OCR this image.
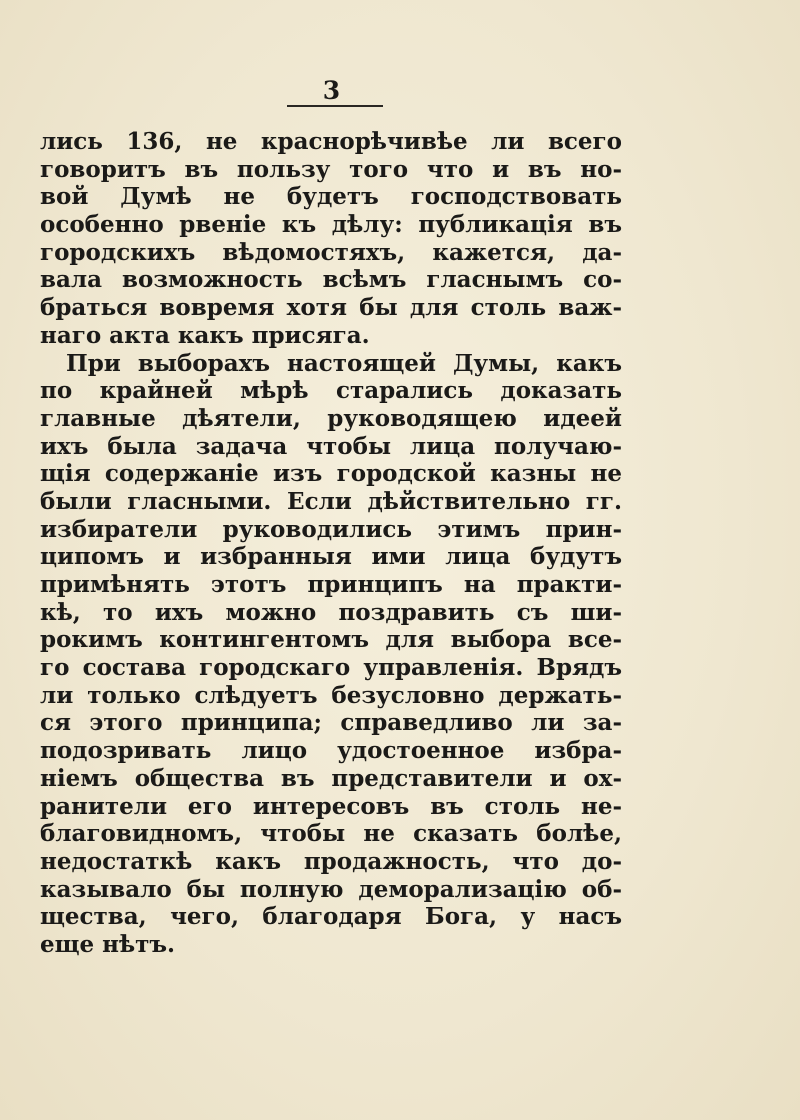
3
лись 136, не краснорѣчивѣе ли всего
говоритъ въ пользу того что и въ но-
вой Думѣ не будетъ господствовать
особенно рвеніе къ дѣлу: публикація въ
городскихъ вѣдомостяхъ, кажется, да-
вала возможность всѣмъ гласнымъ со-
браться вовремя хотя бы для столь важ-
наго акта какъ присяга.
При выборахъ настоящей Думы, какъ
по крайней мѣрѣ старались доказать
главные дѣятели, руководящею идеей
ихъ была задача чтобы лица получаю-
щія содержаніе изъ городской казны не
были гласными. Если дѣйствительно гг.
избиратели руководились этимъ прин-
ципомъ и избранныя ими лица будутъ
примѣнять этотъ принципъ на практи-
кѣ, то ихъ можно поздравить съ ши-
рокимъ контингентомъ для выбора все-
го состава городскаго управленія. Врядъ
ли только слѣдуетъ безусловно держать-
ся этого принципа; справедливо ли за-
подозривать лицо удостоенное избра-
ніемъ общества въ представители и ох-
ранители его интересовъ въ столь не-
благовидномъ, чтобы не сказать болѣе,
недостаткѣ какъ продажность, что до-
казывало бы полную деморализацію об-
щества, чего, благодаря Бога, у насъ
еще нѣтъ.
